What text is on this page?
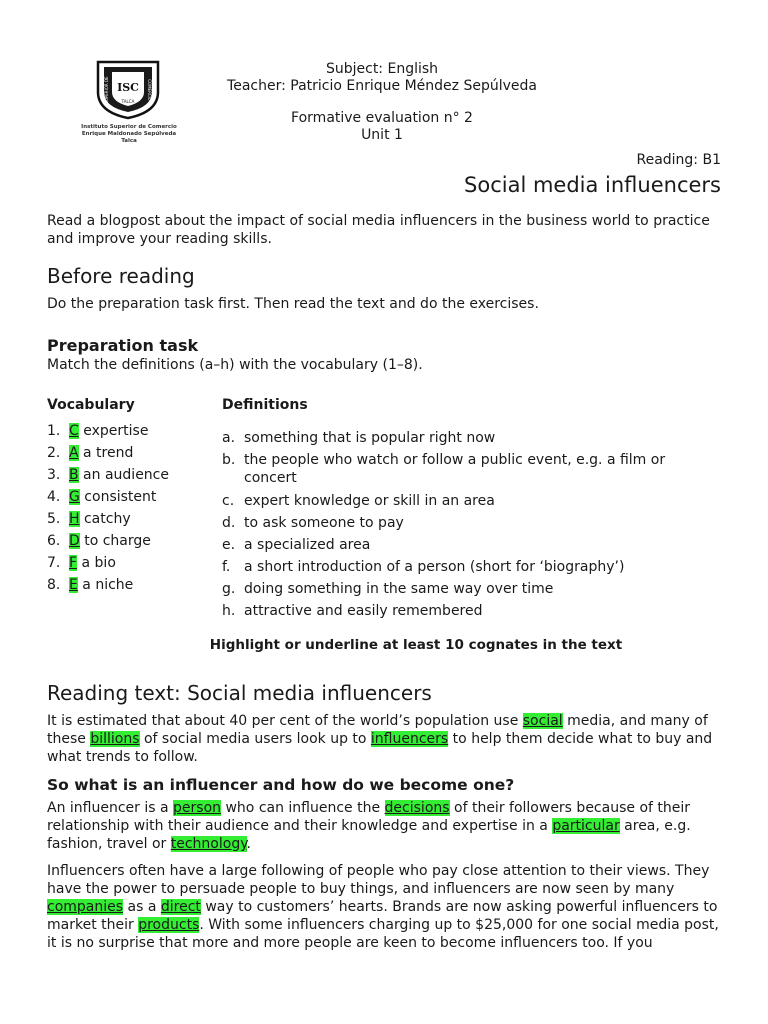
ISC
SUPERIOR DE	COMERCIO
TALCA
Instituto Superior de Comercio
Enrique Maldonado Sepúlveda
Talca
Subject: English
Teacher: Patricio Enrique Méndez Sepúlveda
Formative evaluation n° 2
Unit 1
Reading: B1
Social media influencers
Read a blogpost about the impact of social media influencers in the business world to practice and improve your reading skills.
Before reading
Do the preparation task first. Then read the text and do the exercises.
Preparation task
Match the definitions (a–h) with the vocabulary (1–8).
Vocabulary	Definitions
1. C expertise
2. A a trend
3. B an audience
4. G consistent
5. H catchy
6. D to charge
7. F a bio
8. E a niche
a. something that is popular right now
b. the people who watch or follow a public event, e.g. a film or concert
c. expert knowledge or skill in an area
d. to ask someone to pay
e. a specialized area
f. a short introduction of a person (short for ‘biography’)
g. doing something in the same way over time
h. attractive and easily remembered
Highlight or underline at least 10 cognates in the text
Reading text: Social media influencers
It is estimated that about 40 per cent of the world’s population use social media, and many of these billions of social media users look up to influencers to help them decide what to buy and what trends to follow.
So what is an influencer and how do we become one?
An influencer is a person who can influence the decisions of their followers because of their relationship with their audience and their knowledge and expertise in a particular area, e.g. fashion, travel or technology.
Influencers often have a large following of people who pay close attention to their views. They have the power to persuade people to buy things, and influencers are now seen by many companies as a direct way to customers’ hearts. Brands are now asking powerful influencers to market their products. With some influencers charging up to $25,000 for one social media post, it is no surprise that more and more people are keen to become influencers too. If you
